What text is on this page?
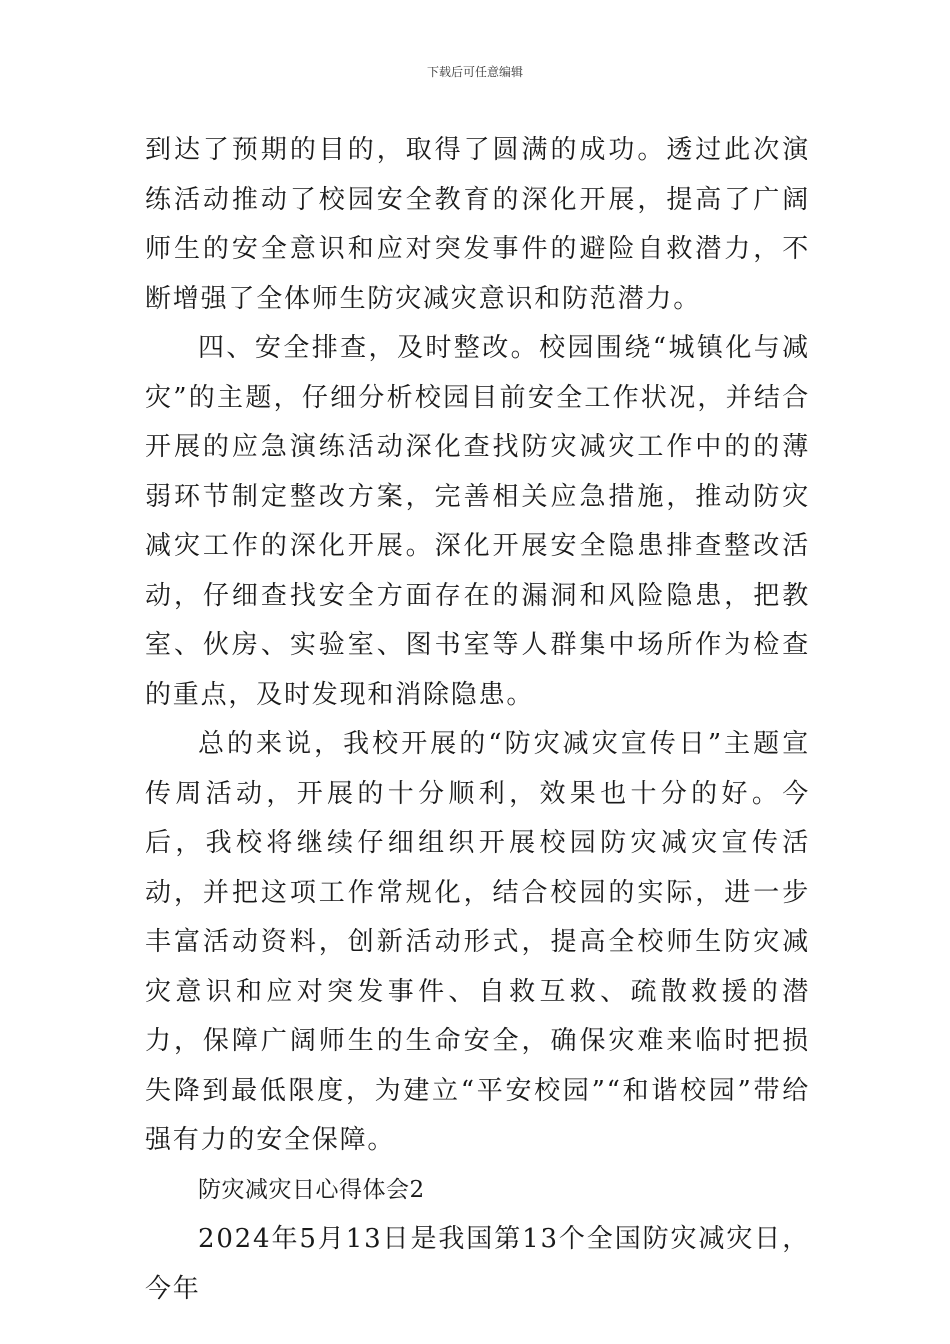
下载后可任意编辑

到达了预期的目的，取得了圆满的成功。透过此次演练活动推动了校园安全教育的深化开展，提高了广阔师生的安全意识和应对突发事件的避险自救潜力，不断增强了全体师生防灾减灾意识和防范潜力。

四、安全排查，及时整改。校园围绕“城镇化与减灾”的主题，仔细分析校园目前安全工作状况，并结合开展的应急演练活动深化查找防灾减灾工作中的的薄弱环节制定整改方案，完善相关应急措施，推动防灾减灾工作的深化开展。深化开展安全隐患排查整改活动，仔细查找安全方面存在的漏洞和风险隐患，把教室、伙房、实验室、图书室等人群集中场所作为检查的重点，及时发现和消除隐患。

总的来说，我校开展的“防灾减灾宣传日”主题宣传周活动，开展的十分顺利，效果也十分的好。今后，我校将继续仔细组织开展校园防灾减灾宣传活动，并把这项工作常规化，结合校园的实际，进一步丰富活动资料，创新活动形式，提高全校师生防灾减灾意识和应对突发事件、自救互救、疏散救援的潜力，保障广阔师生的生命安全，确保灾难来临时把损失降到最低限度，为建立“平安校园”“和谐校园”带给强有力的安全保障。

防灾减灾日心得体会2

2024年5月13日是我国第13个全国防灾减灾日，今年
